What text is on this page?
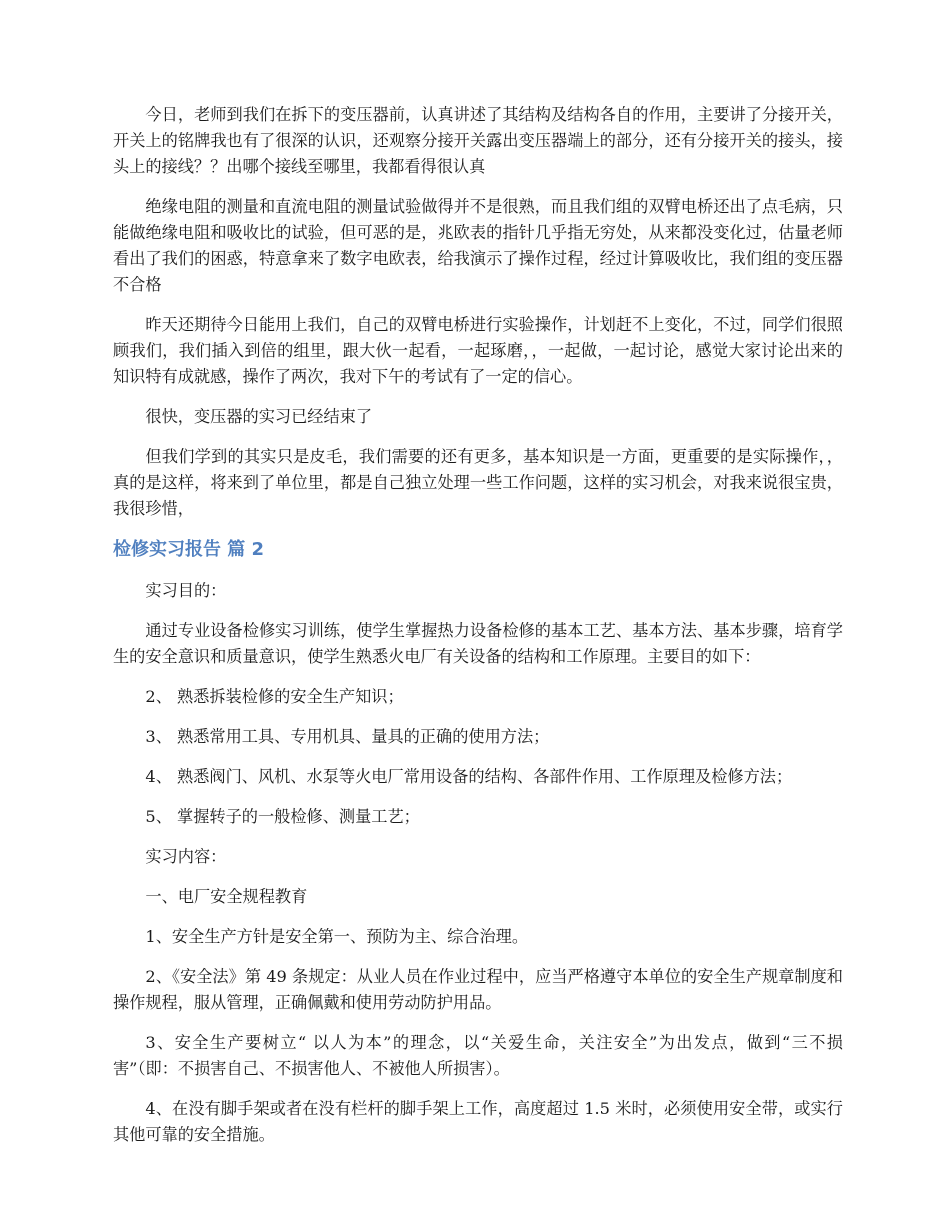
今日，老师到我们在拆下的变压器前，认真讲述了其结构及结构各自的作用，主要讲了分接开关，开关上的铭牌我也有了很深的认识，还观察分接开关露出变压器端上的部分，还有分接开关的接头，接头上的接线？？出哪个接线至哪里，我都看得很认真

绝缘电阻的测量和直流电阻的测量试验做得并不是很熟，而且我们组的双臂电桥还出了点毛病，只能做绝缘电阻和吸收比的试验，但可恶的是，兆欧表的指针几乎指无穷处，从来都没变化过，估量老师看出了我们的困惑，特意拿来了数字电欧表，给我演示了操作过程，经过计算吸收比，我们组的变压器不合格

昨天还期待今日能用上我们，自己的双臂电桥进行实验操作，计划赶不上变化，不过，同学们很照顾我们，我们插入到倍的组里，跟大伙一起看，一起琢磨，，一起做，一起讨论，感觉大家讨论出来的知识特有成就感，操作了两次，我对下午的考试有了一定的信心。

很快，变压器的实习已经结束了

但我们学到的其实只是皮毛，我们需要的还有更多，基本知识是一方面，更重要的是实际操作，，真的是这样，将来到了单位里，都是自己独立处理一些工作问题，这样的实习机会，对我来说很宝贵，我很珍惜，

检修实习报告 篇 2

实习目的：

通过专业设备检修实习训练，使学生掌握热力设备检修的基本工艺、基本方法、基本步骤，培育学生的安全意识和质量意识，使学生熟悉火电厂有关设备的结构和工作原理。主要目的如下：

2、 熟悉拆装检修的安全生产知识；

3、 熟悉常用工具、专用机具、量具的正确的使用方法；

4、 熟悉阀门、风机、水泵等火电厂常用设备的结构、各部件作用、工作原理及检修方法；

5、 掌握转子的一般检修、测量工艺；

实习内容：

一、电厂安全规程教育

1、安全生产方针是安全第一、预防为主、综合治理。

2、《安全法》第 49 条规定：从业人员在作业过程中，应当严格遵守本单位的安全生产规章制度和操作规程，服从管理，正确佩戴和使用劳动防护用品。

3、安全生产要树立“ 以人为本”的理念，以“关爱生命，关注安全”为出发点，做到“三不损害”（即：不损害自己、不损害他人、不被他人所损害）。

4、在没有脚手架或者在没有栏杆的脚手架上工作，高度超过 1.5 米时，必须使用安全带，或实行其他可靠的安全措施。
